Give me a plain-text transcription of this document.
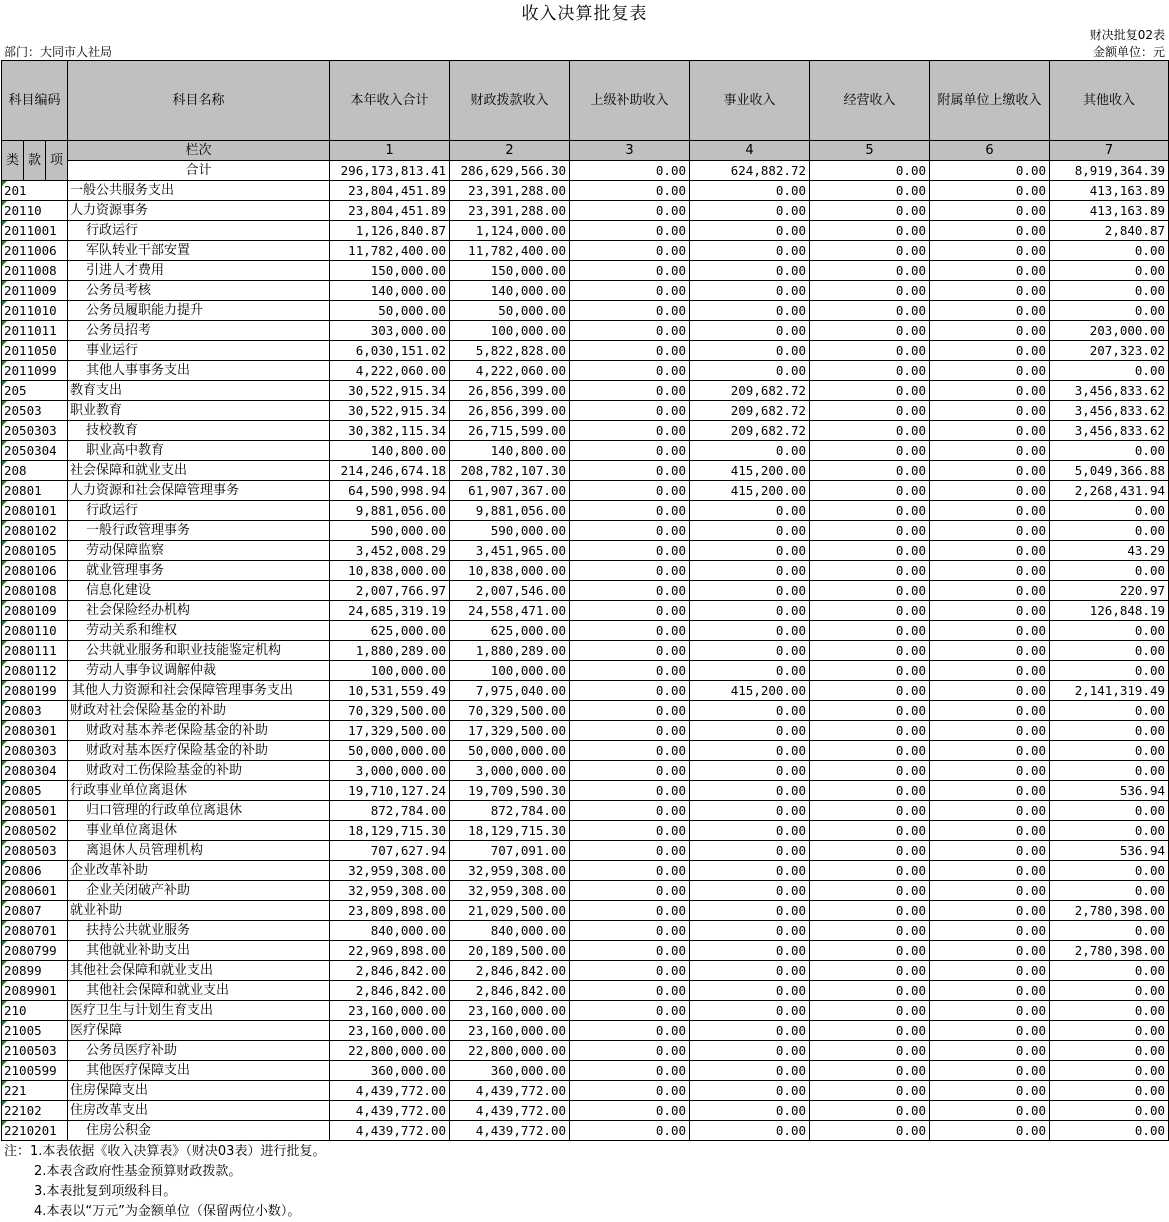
收入决算批复表
财决批复02表
部门：大同市人社局	金额单位：元
科目编码			科目名称	本年收入合计	财政拨款收入	上级补助收入	事业收入	经营收入	附属单位上缴收入	其他收入
类	款	项	栏次	1	2	3	4	5	6	7
			合计	296,173,813.41	286,629,566.30	0.00	624,882.72	0.00	0.00	8,919,364.39
201			一般公共服务支出	23,804,451.89	23,391,288.00	0.00	0.00	0.00	0.00	413,163.89
20110			人力资源事务	23,804,451.89	23,391,288.00	0.00	0.00	0.00	0.00	413,163.89
2011001			行政运行	1,126,840.87	1,124,000.00	0.00	0.00	0.00	0.00	2,840.87
2011006			军队转业干部安置	11,782,400.00	11,782,400.00	0.00	0.00	0.00	0.00	0.00
2011008			引进人才费用	150,000.00	150,000.00	0.00	0.00	0.00	0.00	0.00
2011009			公务员考核	140,000.00	140,000.00	0.00	0.00	0.00	0.00	0.00
2011010			公务员履职能力提升	50,000.00	50,000.00	0.00	0.00	0.00	0.00	0.00
2011011			公务员招考	303,000.00	100,000.00	0.00	0.00	0.00	0.00	203,000.00
2011050			事业运行	6,030,151.02	5,822,828.00	0.00	0.00	0.00	0.00	207,323.02
2011099			其他人事事务支出	4,222,060.00	4,222,060.00	0.00	0.00	0.00	0.00	0.00
205			教育支出	30,522,915.34	26,856,399.00	0.00	209,682.72	0.00	0.00	3,456,833.62
20503			职业教育	30,522,915.34	26,856,399.00	0.00	209,682.72	0.00	0.00	3,456,833.62
2050303			技校教育	30,382,115.34	26,715,599.00	0.00	209,682.72	0.00	0.00	3,456,833.62
2050304			职业高中教育	140,800.00	140,800.00	0.00	0.00	0.00	0.00	0.00
208			社会保障和就业支出	214,246,674.18	208,782,107.30	0.00	415,200.00	0.00	0.00	5,049,366.88
20801			人力资源和社会保障管理事务	64,590,998.94	61,907,367.00	0.00	415,200.00	0.00	0.00	2,268,431.94
2080101			行政运行	9,881,056.00	9,881,056.00	0.00	0.00	0.00	0.00	0.00
2080102			一般行政管理事务	590,000.00	590,000.00	0.00	0.00	0.00	0.00	0.00
2080105			劳动保障监察	3,452,008.29	3,451,965.00	0.00	0.00	0.00	0.00	43.29
2080106			就业管理事务	10,838,000.00	10,838,000.00	0.00	0.00	0.00	0.00	0.00
2080108			信息化建设	2,007,766.97	2,007,546.00	0.00	0.00	0.00	0.00	220.97
2080109			社会保险经办机构	24,685,319.19	24,558,471.00	0.00	0.00	0.00	0.00	126,848.19
2080110			劳动关系和维权	625,000.00	625,000.00	0.00	0.00	0.00	0.00	0.00
2080111			公共就业服务和职业技能鉴定机构	1,880,289.00	1,880,289.00	0.00	0.00	0.00	0.00	0.00
2080112			劳动人事争议调解仲裁	100,000.00	100,000.00	0.00	0.00	0.00	0.00	0.00
2080199			其他人力资源和社会保障管理事务支出	10,531,559.49	7,975,040.00	0.00	415,200.00	0.00	0.00	2,141,319.49
20803			财政对社会保险基金的补助	70,329,500.00	70,329,500.00	0.00	0.00	0.00	0.00	0.00
2080301			财政对基本养老保险基金的补助	17,329,500.00	17,329,500.00	0.00	0.00	0.00	0.00	0.00
2080303			财政对基本医疗保险基金的补助	50,000,000.00	50,000,000.00	0.00	0.00	0.00	0.00	0.00
2080304			财政对工伤保险基金的补助	3,000,000.00	3,000,000.00	0.00	0.00	0.00	0.00	0.00
20805			行政事业单位离退休	19,710,127.24	19,709,590.30	0.00	0.00	0.00	0.00	536.94
2080501			归口管理的行政单位离退休	872,784.00	872,784.00	0.00	0.00	0.00	0.00	0.00
2080502			事业单位离退休	18,129,715.30	18,129,715.30	0.00	0.00	0.00	0.00	0.00
2080503			离退休人员管理机构	707,627.94	707,091.00	0.00	0.00	0.00	0.00	536.94
20806			企业改革补助	32,959,308.00	32,959,308.00	0.00	0.00	0.00	0.00	0.00
2080601			企业关闭破产补助	32,959,308.00	32,959,308.00	0.00	0.00	0.00	0.00	0.00
20807			就业补助	23,809,898.00	21,029,500.00	0.00	0.00	0.00	0.00	2,780,398.00
2080701			扶持公共就业服务	840,000.00	840,000.00	0.00	0.00	0.00	0.00	0.00
2080799			其他就业补助支出	22,969,898.00	20,189,500.00	0.00	0.00	0.00	0.00	2,780,398.00
20899			其他社会保障和就业支出	2,846,842.00	2,846,842.00	0.00	0.00	0.00	0.00	0.00
2089901			其他社会保障和就业支出	2,846,842.00	2,846,842.00	0.00	0.00	0.00	0.00	0.00
210			医疗卫生与计划生育支出	23,160,000.00	23,160,000.00	0.00	0.00	0.00	0.00	0.00
21005			医疗保障	23,160,000.00	23,160,000.00	0.00	0.00	0.00	0.00	0.00
2100503			公务员医疗补助	22,800,000.00	22,800,000.00	0.00	0.00	0.00	0.00	0.00
2100599			其他医疗保障支出	360,000.00	360,000.00	0.00	0.00	0.00	0.00	0.00
221			住房保障支出	4,439,772.00	4,439,772.00	0.00	0.00	0.00	0.00	0.00
22102			住房改革支出	4,439,772.00	4,439,772.00	0.00	0.00	0.00	0.00	0.00
2210201			住房公积金	4,439,772.00	4,439,772.00	0.00	0.00	0.00	0.00	0.00
注：1.本表依据《收入决算表》（财决03表）进行批复。
2.本表含政府性基金预算财政拨款。
3.本表批复到项级科目。
4.本表以“万元”为金额单位（保留两位小数）。
